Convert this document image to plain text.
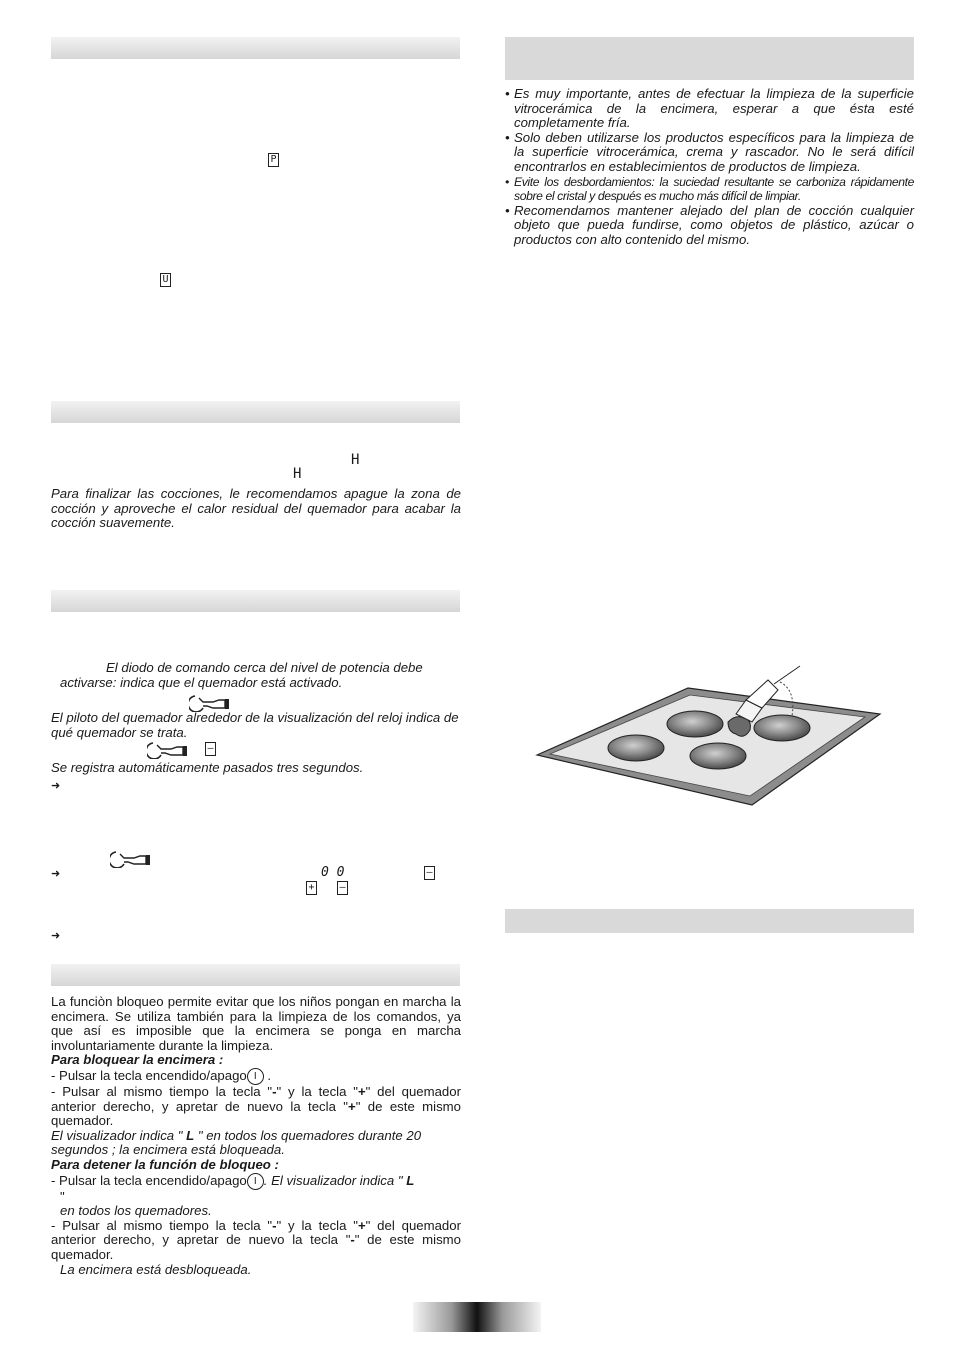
P
U
H
H
Para finalizar las cocciones, le recomendamos apague la zona de cocción y aproveche el calor residual del quemador para acabar la cocción suavemente.
El diodo de comando cerca del nivel de potencia debe
activarse: indica que el quemador está activado.
El piloto del quemador alrededor de la visualización del reloj indica de qué quemador se trata.
–
Se registra automáticamente pasados tres segundos.
➜
➜	0 0	–
+ –
➜

La funciòn bloqueo permite evitar que los niños pongan en marcha la encimera. Se utiliza también para la limpieza de los comandos, ya que así es imposible que la encimera se ponga en marcha involuntariamente durante la limpieza.

Para bloquear la encimera :

- Pulsar la tecla encendido/apago I .

- Pulsar al mismo tiempo la tecla "-" y la tecla "+" del quemador anterior derecho, y apretar de nuevo la tecla "+" de este mismo quemador.

El visualizador indica " L " en todos los quemadores durante 20 segundos ; la encimera está bloqueada.

Para detener la función de bloqueo :

- Pulsar la tecla encendido/apago I . El visualizador indica " L

"

en todos los quemadores.

- Pulsar al mismo tiempo la tecla "-" y la tecla "+" del quemador anterior derecho, y apretar de nuevo la tecla "-" de este mismo quemador.

La encimera está desbloqueada.

• Es muy importante, antes de efectuar la limpieza de la superficie vitrocerámica de la encimera, esperar a que ésta esté completamente fría.
• Solo deben utilizarse los productos específicos para la limpieza de la superficie vitrocerámica, crema y rascador. No le será difícil encontrarlos en establecimientos de productos de limpieza.
• Evite los desbordamientos: la suciedad resultante se carboniza rápidamente sobre el cristal y después es mucho más difícil de limpiar.
• Recomendamos mantener alejado del plan de cocción cualquier objeto que pueda fundirse, como objetos de plástico, azúcar o productos con alto contenido del mismo.
